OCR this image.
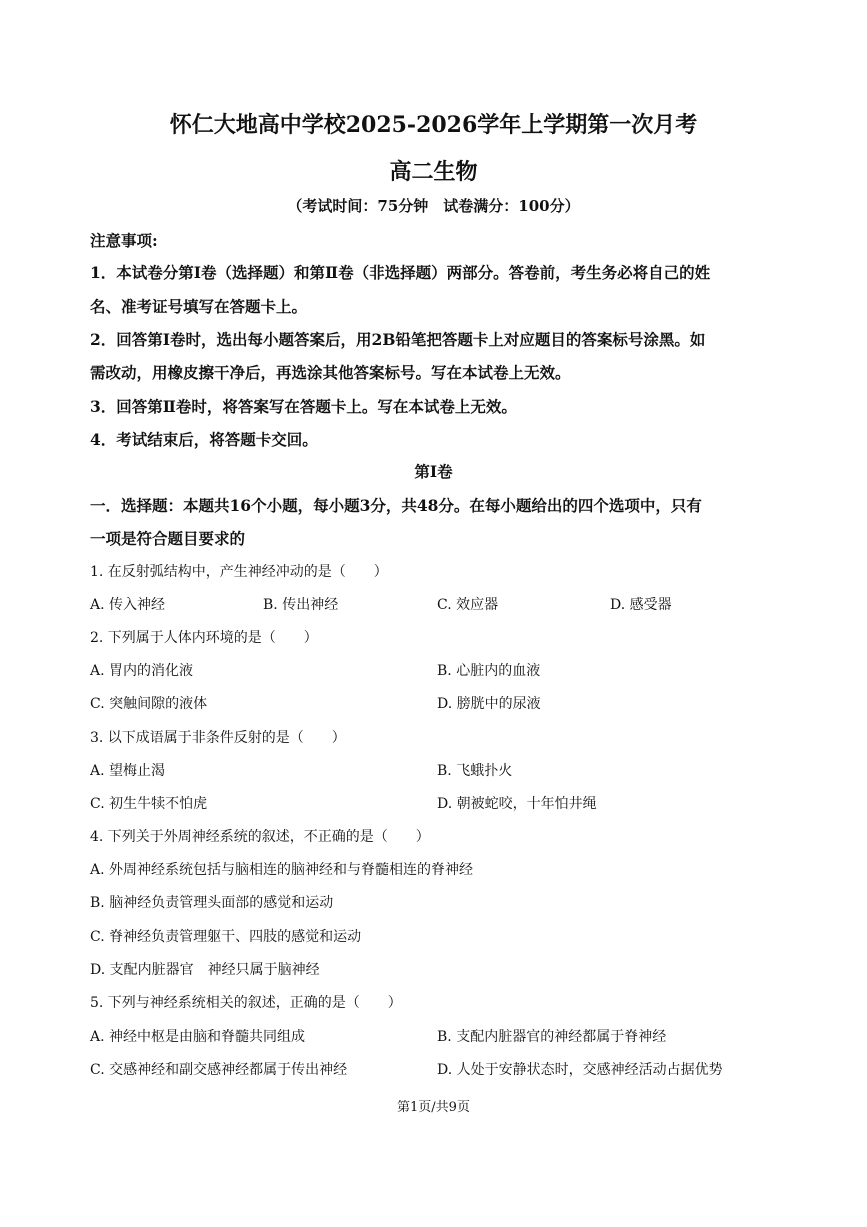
怀仁大地高中学校2025-2026学年上学期第一次月考
高二生物
（考试时间：75分钟　试卷满分：100分）
注意事项:
1．本试卷分第Ⅰ卷（选择题）和第Ⅱ卷（非选择题）两部分。答卷前，考生务必将自己的姓
名、准考证号填写在答题卡上。
2．回答第Ⅰ卷时，选出每小题答案后，用2B铅笔把答题卡上对应题目的答案标号涂黑。如
需改动，用橡皮擦干净后，再选涂其他答案标号。写在本试卷上无效。
3．回答第Ⅱ卷时，将答案写在答题卡上。写在本试卷上无效。
4．考试结束后，将答题卡交回。
第Ⅰ卷
一．选择题：本题共16个小题，每小题3分，共48分。在每小题给出的四个选项中，只有
一项是符合题目要求的
1. 在反射弧结构中，产生神经冲动的是（　　）
A. 传入神经	B. 传出神经	C. 效应器	D. 感受器
2. 下列属于人体内环境的是（　　）
A. 胃内的消化液	B. 心脏内的血液
C. 突触间隙的液体	D. 膀胱中的尿液
3. 以下成语属于非条件反射的是（　　）
A. 望梅止渴	B. 飞蛾扑火
C. 初生牛犊不怕虎	D. 朝被蛇咬，十年怕井绳
4. 下列关于外周神经系统的叙述，不正确的是（　　）
A. 外周神经系统包括与脑相连的脑神经和与脊髓相连的脊神经
B. 脑神经负责管理头面部的感觉和运动
C. 脊神经负责管理躯干、四肢的感觉和运动
D. 支配内脏器官　神经只属于脑神经
5. 下列与神经系统相关的叙述，正确的是（　　）
A. 神经中枢是由脑和脊髓共同组成	B. 支配内脏器官的神经都属于脊神经
C. 交感神经和副交感神经都属于传出神经	D. 人处于安静状态时，交感神经活动占据优势
第1页/共9页
